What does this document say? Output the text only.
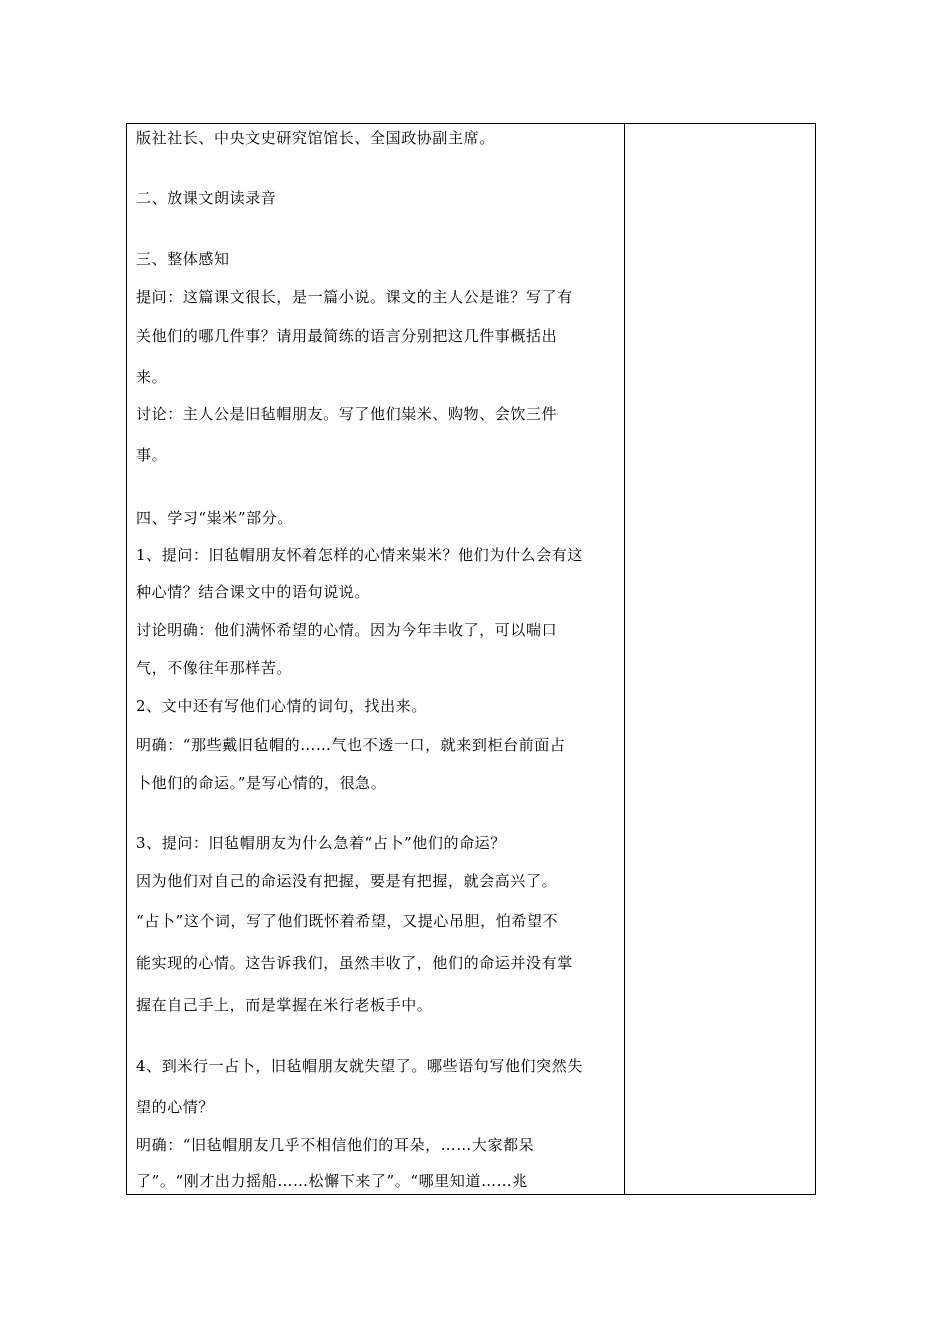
版社社长、中央文史研究馆馆长、全国政协副主席。
二、放课文朗读录音
三、整体感知
提问：这篇课文很长，是一篇小说。课文的主人公是谁？写了有
关他们的哪几件事？请用最简练的语言分别把这几件事概括出
来。
讨论：主人公是旧毡帽朋友。写了他们粜米、购物、会饮三件
事。
四、学习“粜米”部分。
1、提问：旧毡帽朋友怀着怎样的心情来粜米？他们为什么会有这
种心情？结合课文中的语句说说。
讨论明确：他们满怀希望的心情。因为今年丰收了，可以喘口
气，不像往年那样苦。
2、文中还有写他们心情的词句，找出来。
明确：“那些戴旧毡帽的……气也不透一口，就来到柜台前面占
卜他们的命运。”是写心情的，很急。
3、提问：旧毡帽朋友为什么急着“占卜”他们的命运？
因为他们对自己的命运没有把握，要是有把握，就会高兴了。
“占卜”这个词，写了他们既怀着希望，又提心吊胆，怕希望不
能实现的心情。这告诉我们，虽然丰收了，他们的命运并没有掌
握在自己手上，而是掌握在米行老板手中。
4、到米行一占卜，旧毡帽朋友就失望了。哪些语句写他们突然失
望的心情？
明确：“旧毡帽朋友几乎不相信他们的耳朵，……大家都呆
了”。“刚才出力摇船……松懈下来了”。“哪里知道……兆
